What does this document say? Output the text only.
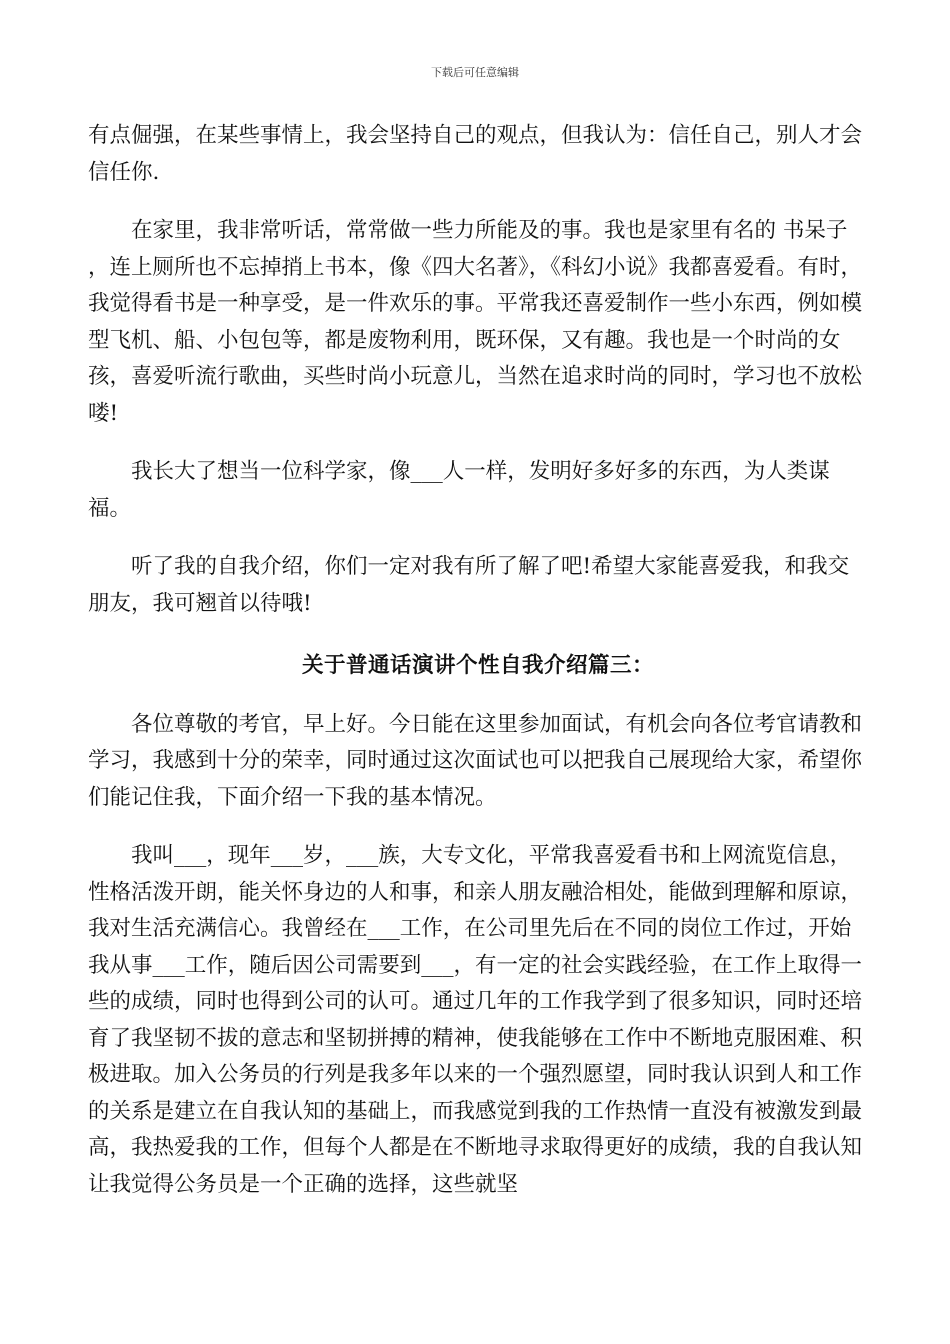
下载后可任意编辑

有点倔强，在某些事情上，我会坚持自己的观点，但我认为：信任自己，别人才会信任你.

在家里，我非常听话，常常做一些力所能及的事。我也是家里有名的 书呆子 ，连上厕所也不忘掉捎上书本，像《四大名著》，《科幻小说》我都喜爱看。有时，我觉得看书是一种享受，是一件欢乐的事。平常我还喜爱制作一些小东西，例如模型飞机、船、小包包等，都是废物利用，既环保，又有趣。我也是一个时尚的女孩，喜爱听流行歌曲，买些时尚小玩意儿，当然在追求时尚的同时，学习也不放松喽!

我长大了想当一位科学家，像___人一样，发明好多好多的东西，为人类谋福。

听了我的自我介绍，你们一定对我有所了解了吧!希望大家能喜爱我，和我交朋友，我可翘首以待哦!

关于普通话演讲个性自我介绍篇三：

各位尊敬的考官，早上好。今日能在这里参加面试，有机会向各位考官请教和学习，我感到十分的荣幸，同时通过这次面试也可以把我自己展现给大家，希望你们能记住我，下面介绍一下我的基本情况。

我叫___，现年___岁，___族，大专文化，平常我喜爱看书和上网流览信息，性格活泼开朗，能关怀身边的人和事，和亲人朋友融洽相处，能做到理解和原谅，我对生活充满信心。我曾经在___工作，在公司里先后在不同的岗位工作过，开始我从事___工作，随后因公司需要到___，有一定的社会实践经验，在工作上取得一些的成绩，同时也得到公司的认可。通过几年的工作我学到了很多知识，同时还培育了我坚韧不拔的意志和坚韧拼搏的精神，使我能够在工作中不断地克服困难、积极进取。加入公务员的行列是我多年以来的一个强烈愿望，同时我认识到人和工作的关系是建立在自我认知的基础上，而我感觉到我的工作热情一直没有被激发到最高，我热爱我的工作，但每个人都是在不断地寻求取得更好的成绩，我的自我认知让我觉得公务员是一个正确的选择，这些就坚
